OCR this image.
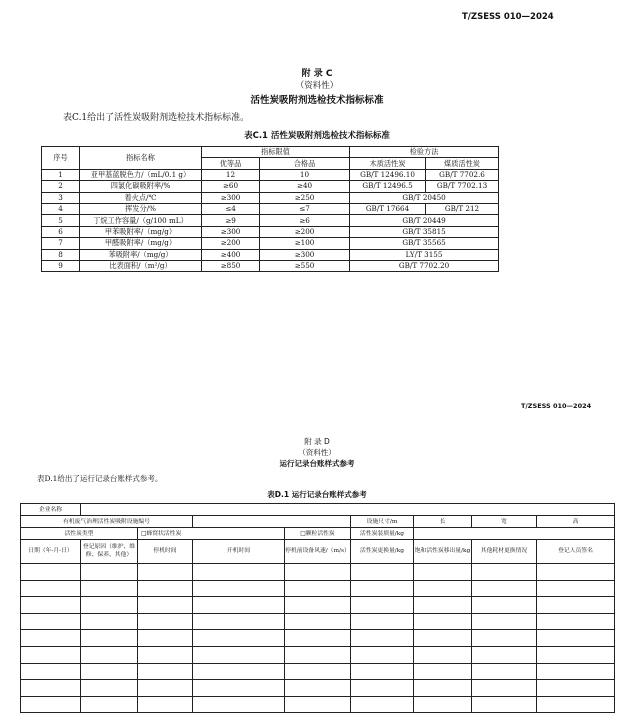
T/ZSESS 010—2024
附 录 C
（资料性）
活性炭吸附剂选检技术指标标准
表C.1给出了活性炭吸附剂选检技术指标标准。
表C.1 活性炭吸附剂选检技术指标标准
序号	指标名称	指标限值		检验方法	
		优等品	合格品	木质活性炭	煤质活性炭
1	亚甲基蓝脱色力/（mL/0.1 g）	12	10	GB/T 12496.10	GB/T 7702.6
2	四氯化碳吸附率/%	≥60	≥40	GB/T 12496.5	GB/T 7702.13
3	着火点/℃	≥300	≥250	GB/T 20450	
4	挥发分/%	≤4	≤7	GB/T 17664	GB/T 212
5	丁烷工作容量/（g/100 mL）	≥9	≥6	GB/T 20449	
6	甲苯吸附率/（mg/g）	≥300	≥200	GB/T 35815	
7	甲醛吸附率/（mg/g）	≥200	≥100	GB/T 35565	
8	苯吸附率/（mg/g）	≥400	≥300	LY/T 3155	
9	比表面积/（m²/g）	≥850	≥550	GB/T 7702.20	
T/ZSESS 010—2024
附 录 D
（资料性）
运行记录台账样式参考
表D.1给出了运行记录台账样式参考。
表D.1 运行记录台账样式参考
企业名称								
有机废气治理活性炭吸附设施编号					设施尺寸/m	长	宽	高
活性炭类型		□蜂窝状活性炭		□颗粒活性炭	活性炭装填量/kg			
日期（年-月-日）	登记原因（维护、维修、保养、其他）	停机时间	开机时间	停机前设备风速/（m/s）	活性炭更换量/kg	饱和活性炭移出量/kg	其他耗材更换情况	登记人员签名
